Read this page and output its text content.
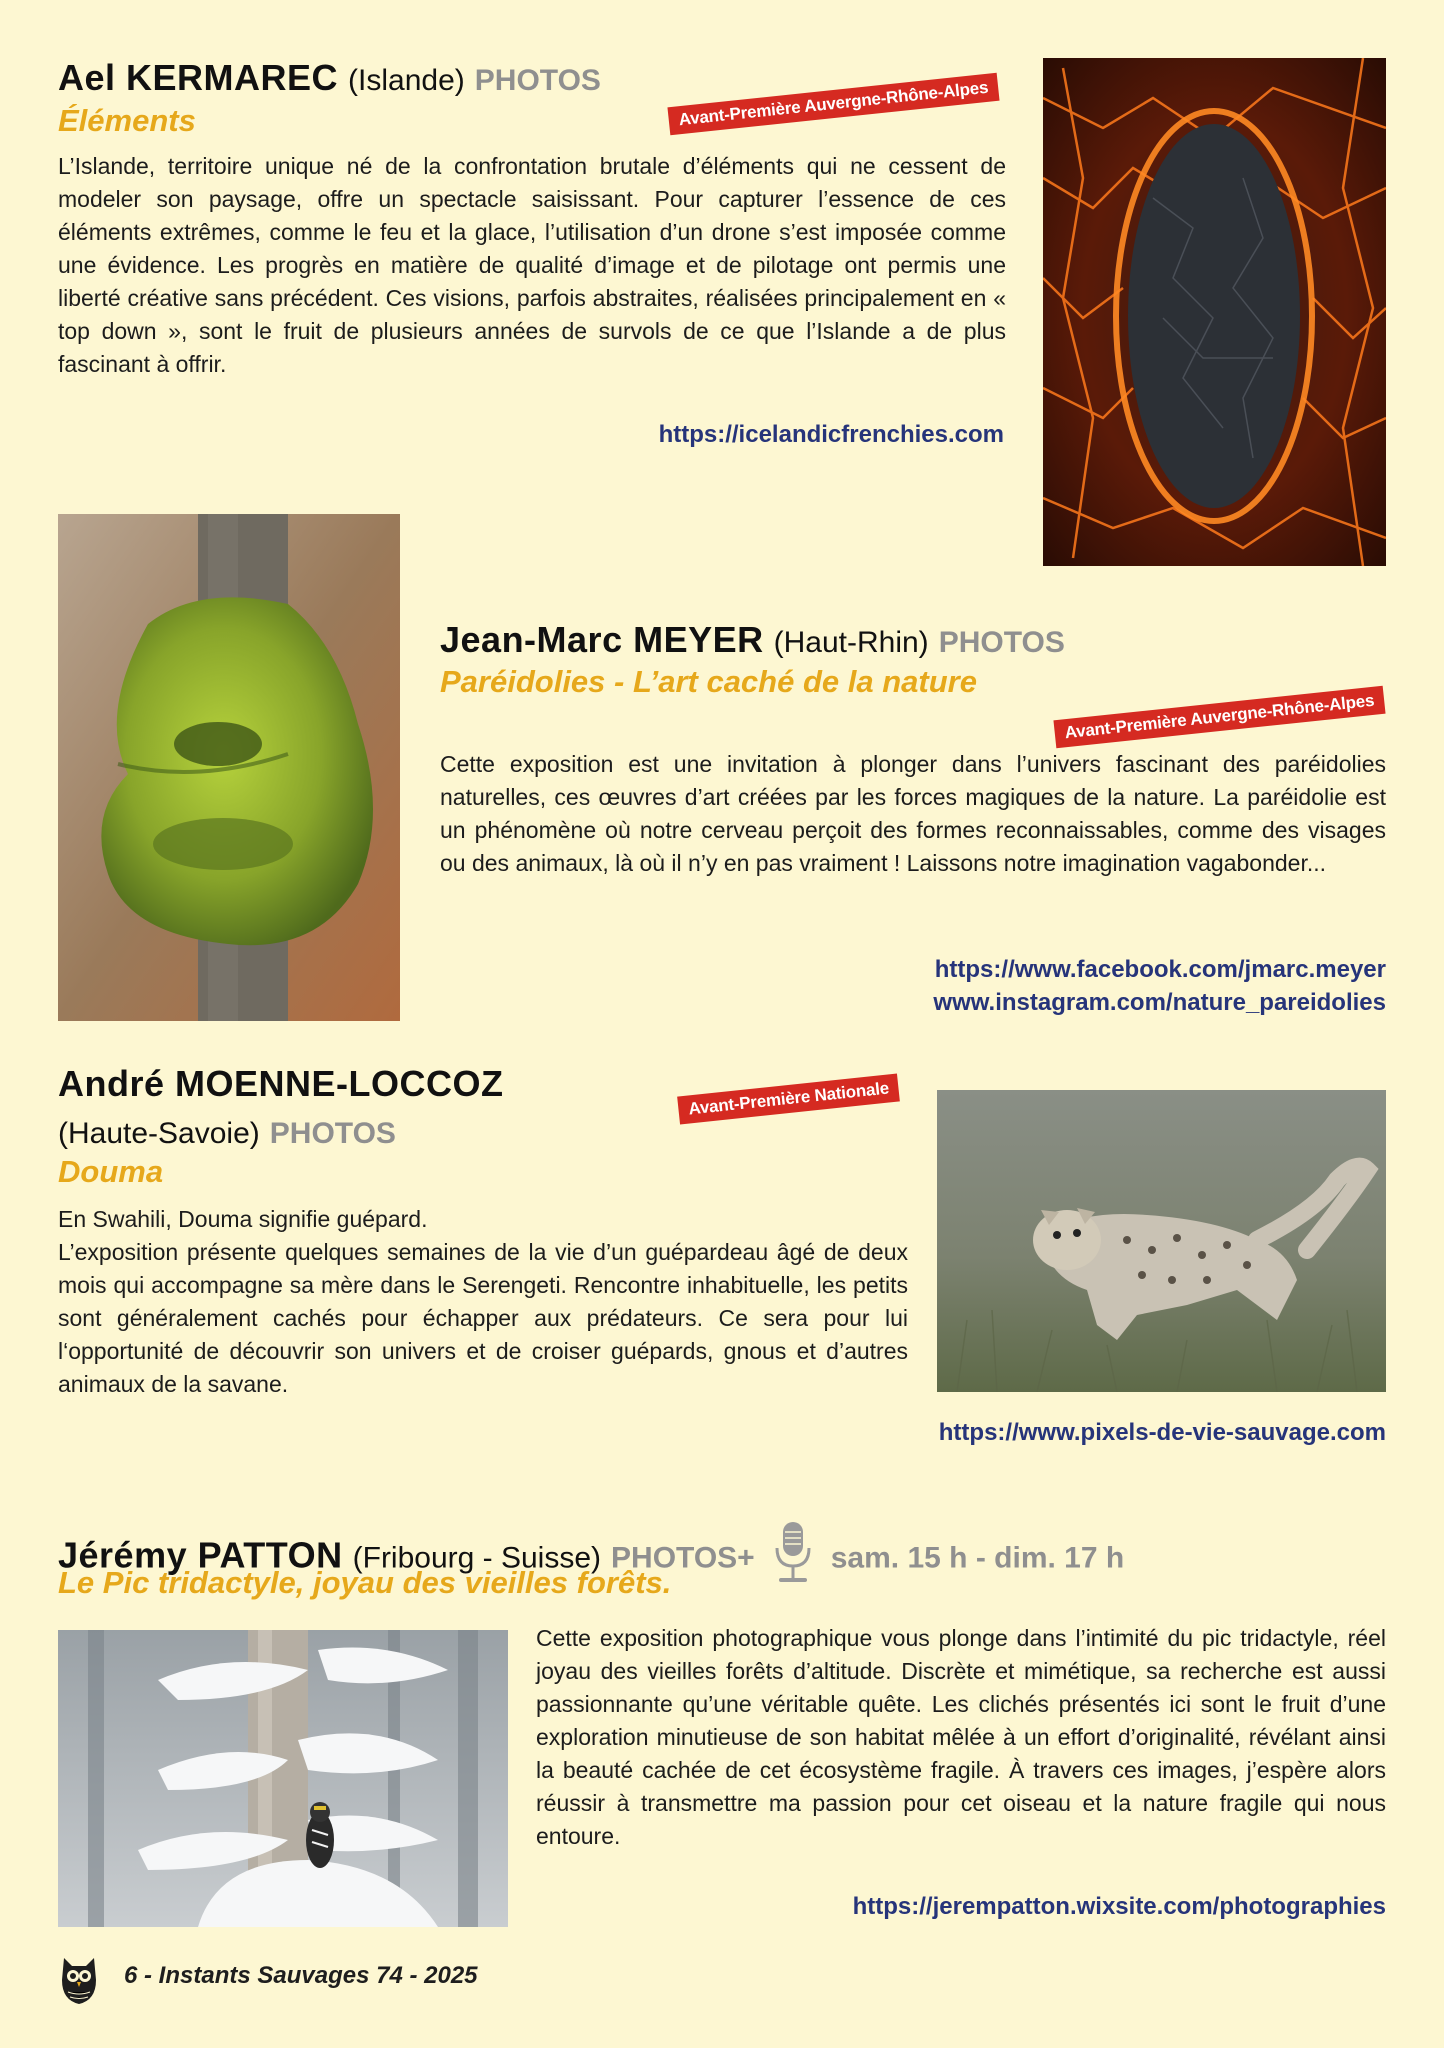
Ael KERMAREC (Islande) PHOTOS
Éléments	Avant-Première Auvergne-Rhône-Alpes

L’Islande, territoire unique né de la confrontation brutale d’éléments qui ne cessent de modeler son paysage, offre un spectacle saisissant. Pour capturer l’essence de ces éléments extrêmes, comme le feu et la glace, l’utilisation d’un drone s’est imposée comme une évidence. Les progrès en matière de qualité d’image et de pilotage ont permis une liberté créative sans précédent. Ces visions, parfois abstraites, réalisées principalement en « top down », sont le fruit de plusieurs années de survols de ce que l’Islande a de plus fascinant à offrir.

https://icelandicfrenchies.com
Jean-Marc MEYER (Haut-Rhin) PHOTOS
Paréidolies - L’art caché de la nature
Avant-Première Auvergne-Rhône-Alpes

Cette exposition est une invitation à plonger dans l’univers fascinant des paréidolies naturelles, ces œuvres d’art créées par les forces magiques de la nature. La paréidolie est un phénomène où notre cerveau perçoit des formes reconnaissables, comme des visages ou des animaux, là où il n’y en pas vraiment ! Laissons notre imagination vagabonder...

https://www.facebook.com/jmarc.meyer
www.instagram.com/nature_pareidolies
André MOENNE-LOCCOZ
(Haute-Savoie) PHOTOS
Douma
Avant-Première Nationale

En Swahili, Douma signifie guépard.

L’exposition présente quelques semaines de la vie d’un guépardeau âgé de deux mois qui accompagne sa mère dans le Serengeti. Rencontre inhabituelle, les petits sont généralement cachés pour échapper aux prédateurs. Ce sera pour lui l‘opportunité de découvrir son univers et de croiser guépards, gnous et d’autres animaux de la savane.

https://www.pixels-de-vie-sauvage.com
Jérémy PATTON (Fribourg - Suisse) PHOTOS+	sam. 15 h - dim. 17 h
Le Pic tridactyle, joyau des vieilles forêts.

Cette exposition photographique vous plonge dans l’intimité du pic tridactyle, réel joyau des vieilles forêts d’altitude. Discrète et mimétique, sa recherche est aussi passionnante qu’une véritable quête. Les clichés présentés ici sont le fruit d’une exploration minutieuse de son habitat mêlée à un effort d’originalité, révélant ainsi la beauté cachée de cet écosystème fragile. À travers ces images, j’espère alors réussir à transmettre ma passion pour cet oiseau et la nature fragile qui nous entoure.

https://jerempatton.wixsite.com/photographies
6 - Instants Sauvages 74 - 2025
